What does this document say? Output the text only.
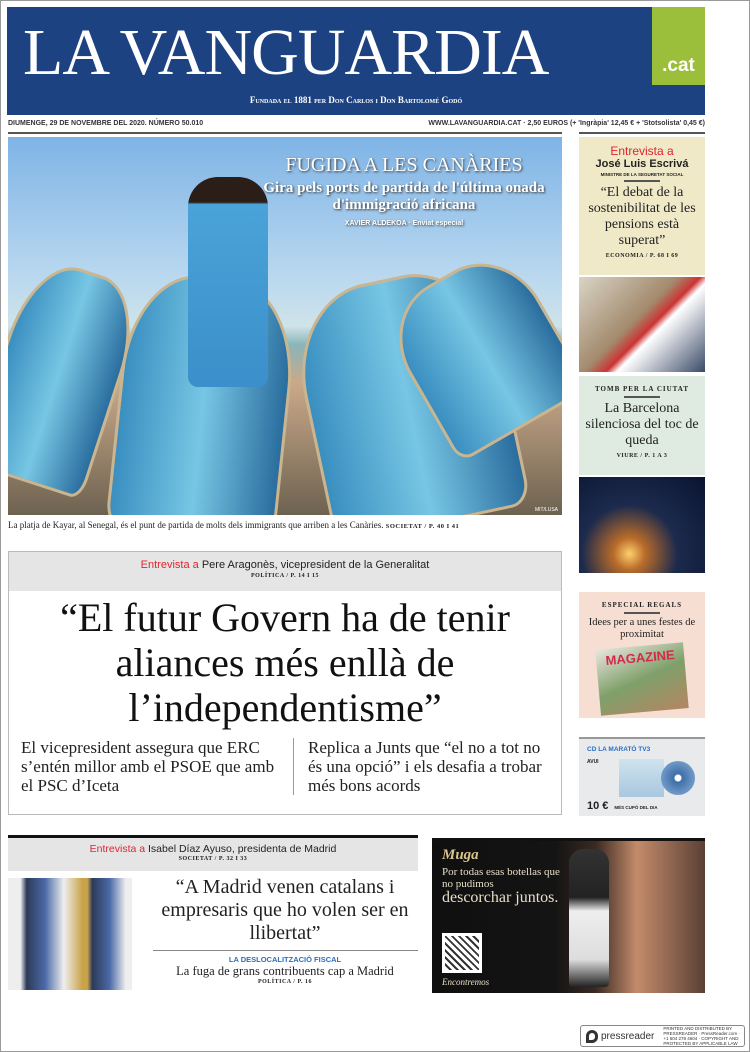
LA VANGUARDIA	.cat
Fundada el 1881 per Don Carlos i Don Bartolomé Godó
DIUMENGE, 29 DE NOVEMBRE DEL 2020. NÚMERO 50.010	WWW.LAVANGUARDIA.CAT · 2,50 EUROS (+ 'Ingràpia' 12,45 € + 'Stotsolista' 0,45 €)
FUGIDA A LES CANÀRIES
Gira pels ports de partida de l'última onada d'immigració africana
XAVIER ALDEKOA · Enviat especial
MIT/LUSA
La platja de Kayar, al Senegal, és el punt de partida de molts dels immigrants que arriben a les Canàries. SOCIETAT / P. 40 I 41
Entrevista a
José Luis Escrivá
MINISTRE DE LA SEGURETAT SOCIAL
“El debat de la sostenibilitat de les pensions està superat”
ECONOMIA / P. 68 I 69
TOMB PER LA CIUTAT
La Barcelona silenciosa del toc de queda
VIURE / P. 1 A 3
ESPECIAL REGALS
Idees per a unes festes de proximitat
MAGAZINE
CD LA MARATÓ TV3
AVUI
10 € MÉS CUPÓ DEL DIA
Entrevista a Pere Aragonès, vicepresident de la Generalitat
POLÍTICA / P. 14 I 15
“El futur Govern ha de tenir aliances més enllà de l’independentisme”
El vicepresident assegura que ERC s’entén millor amb el PSOE que amb el PSC d’Iceta
Replica a Junts que “el no a tot no és una opció” i els desafia a trobar més bons acords
Entrevista a Isabel Díaz Ayuso, presidenta de Madrid
SOCIETAT / P. 32 I 33
“A Madrid venen catalans i empresaris que ho volen ser en llibertat”
LA DESLOCALITZACIÓ FISCAL
La fuga de grans contribuents cap a Madrid
POLÍTICA / P. 16
Muga
Por todas esas botellas que no pudimos
descorchar juntos.
Encontremos
pressreader
PRINTED AND DISTRIBUTED BY PRESSREADER · PressReader.com · +1 604 278 4604 · COPYRIGHT AND PROTECTED BY APPLICABLE LAW
